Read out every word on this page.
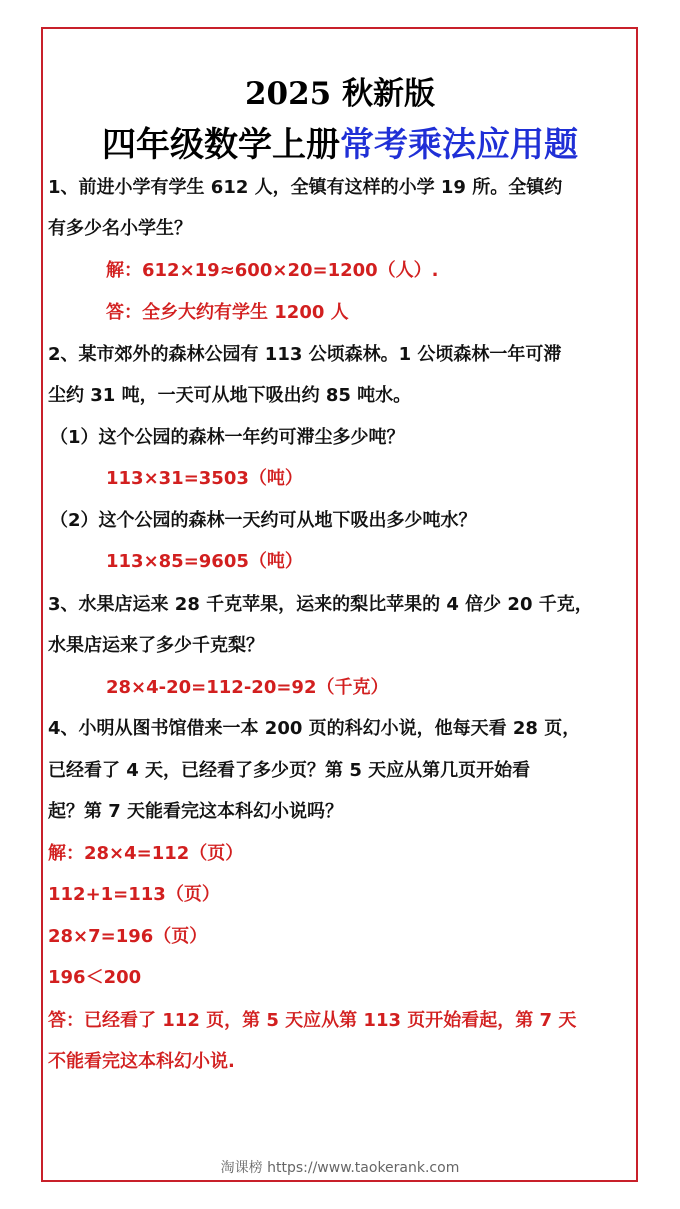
2025 秋新版
四年级数学上册常考乘法应用题
1、前进小学有学生 612 人，全镇有这样的小学 19 所。全镇约
有多少名小学生？
解：612×19≈600×20=1200（人）.
答：全乡大约有学生 1200 人
2、某市郊外的森林公园有 113 公顷森林。1 公顷森林一年可滞
尘约 31 吨，一天可从地下吸出约 85 吨水。
（1）这个公园的森林一年约可滞尘多少吨？
113×31=3503（吨）
（2）这个公园的森林一天约可从地下吸出多少吨水？
113×85=9605（吨）
3、水果店运来 28 千克苹果，运来的梨比苹果的 4 倍少 20 千克，
水果店运来了多少千克梨？
28×4-20=112-20=92（千克）
4、小明从图书馆借来一本 200 页的科幻小说，他每天看 28 页，
已经看了 4 天，已经看了多少页？第 5 天应从第几页开始看
起？第 7 天能看完这本科幻小说吗？
解：28×4=112（页）
112+1=113（页）
28×7=196（页）
196＜200
答：已经看了 112 页，第 5 天应从第 113 页开始看起，第 7 天
不能看完这本科幻小说.
淘课榜 https://www.taokerank.com
